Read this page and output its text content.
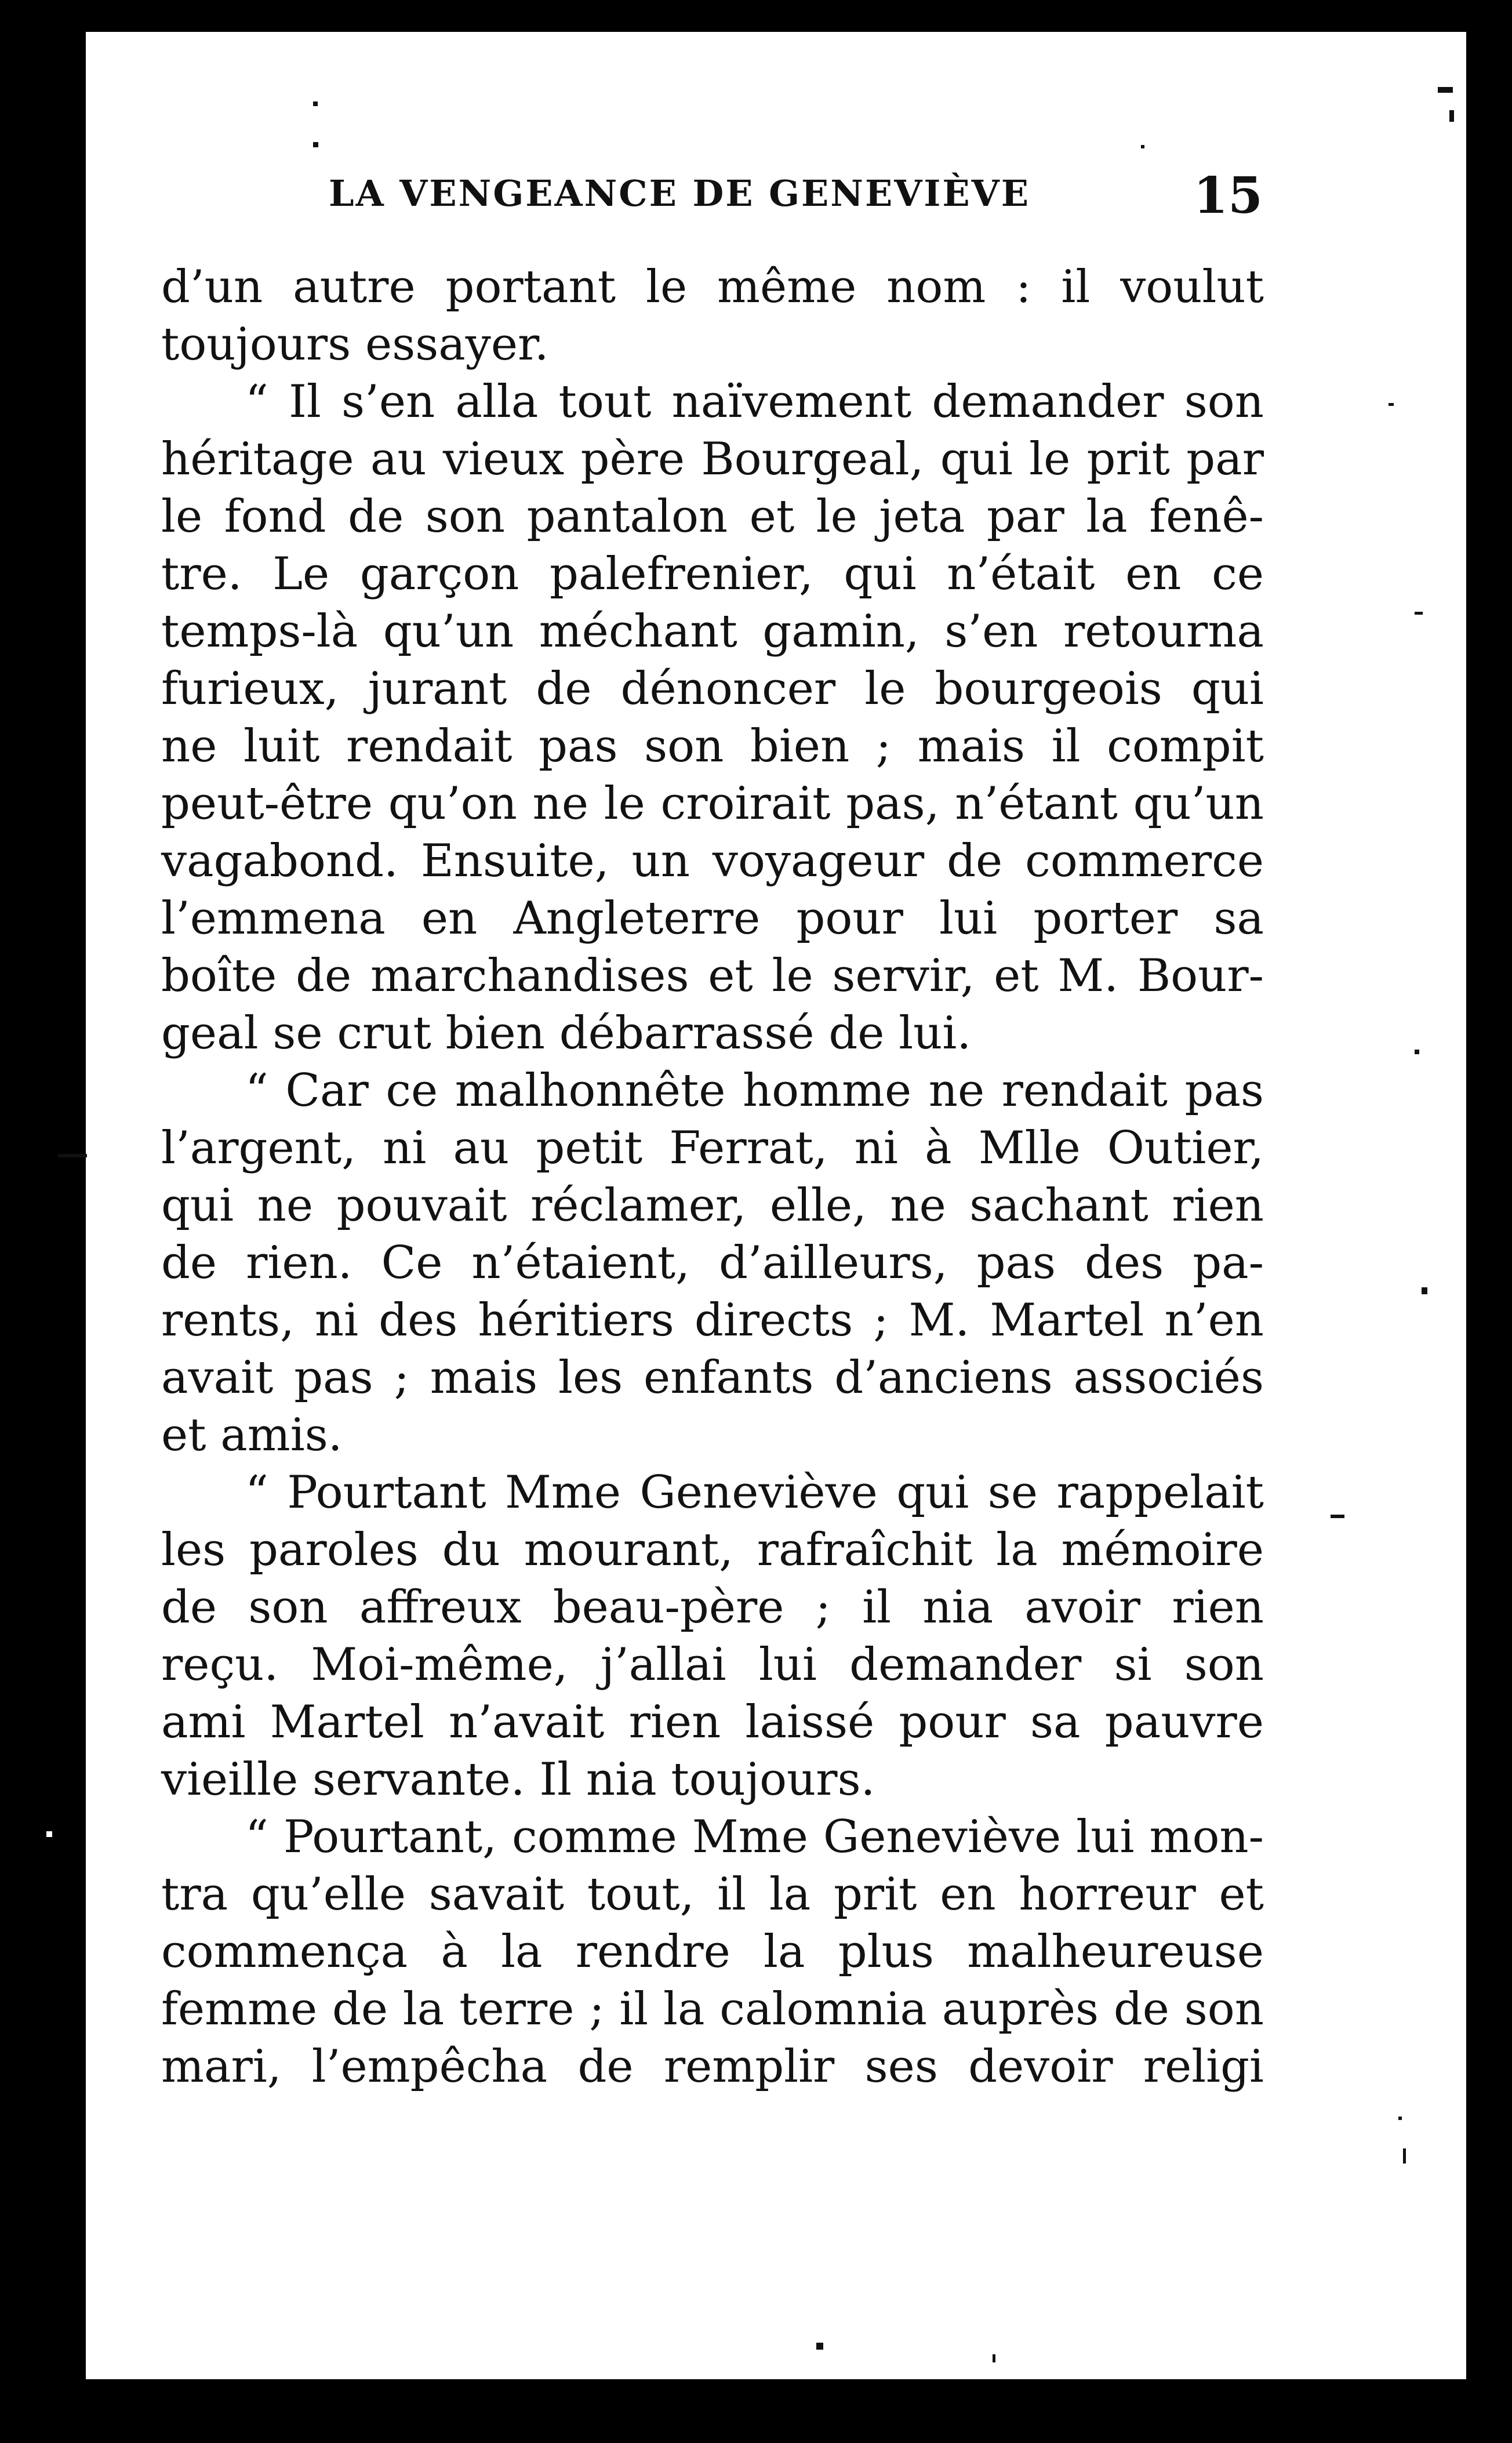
LA VENGEANCE DE GENEVIÈVE	15
d’un autre portant le même nom : il voulut
toujours essayer.
“ Il s’en alla tout naïvement demander son
héritage au vieux père Bourgeal, qui le prit par
le fond de son pantalon et le jeta par la fenê-
tre. Le garçon palefrenier, qui n’était en ce
temps-là qu’un méchant gamin, s’en retourna
furieux, jurant de dénoncer le bourgeois qui
ne luit rendait pas son bien ; mais il compit
peut-être qu’on ne le croirait pas, n’étant qu’un
vagabond. Ensuite, un voyageur de commerce
l’emmena en Angleterre pour lui porter sa
boîte de marchandises et le servir, et M. Bour-
geal se crut bien débarrassé de lui.
“ Car ce malhonnête homme ne rendait pas
l’argent, ni au petit Ferrat, ni à Mlle Outier,
qui ne pouvait réclamer, elle, ne sachant rien
de rien. Ce n’étaient, d’ailleurs, pas des pa-
rents, ni des héritiers directs ; M. Martel n’en
avait pas ; mais les enfants d’anciens associés
et amis.
“ Pourtant Mme Geneviève qui se rappelait
les paroles du mourant, rafraîchit la mémoire
de son affreux beau-père ; il nia avoir rien
reçu. Moi-même, j’allai lui demander si son
ami Martel n’avait rien laissé pour sa pauvre
vieille servante. Il nia toujours.
“ Pourtant, comme Mme Geneviève lui mon-
tra qu’elle savait tout, il la prit en horreur et
commença à la rendre la plus malheureuse
femme de la terre ; il la calomnia auprès de son
mari, l’empêcha de remplir ses devoir religi
